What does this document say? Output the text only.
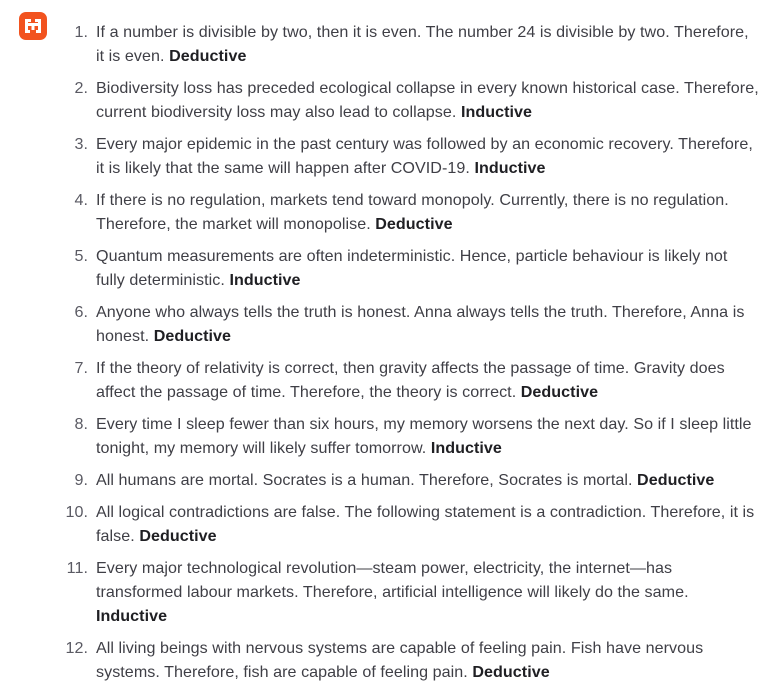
1. If a number is divisible by two, then it is even. The number 24 is divisible by two. Therefore, it is even. Deductive
2. Biodiversity loss has preceded ecological collapse in every known historical case. Therefore, current biodiversity loss may also lead to collapse. Inductive
3. Every major epidemic in the past century was followed by an economic recovery. Therefore, it is likely that the same will happen after COVID-19. Inductive
4. If there is no regulation, markets tend toward monopoly. Currently, there is no regulation. Therefore, the market will monopolise. Deductive
5. Quantum measurements are often indeterministic. Hence, particle behaviour is likely not fully deterministic. Inductive
6. Anyone who always tells the truth is honest. Anna always tells the truth. Therefore, Anna is honest. Deductive
7. If the theory of relativity is correct, then gravity affects the passage of time. Gravity does affect the passage of time. Therefore, the theory is correct. Deductive
8. Every time I sleep fewer than six hours, my memory worsens the next day. So if I sleep little tonight, my memory will likely suffer tomorrow. Inductive
9. All humans are mortal. Socrates is a human. Therefore, Socrates is mortal. Deductive
10. All logical contradictions are false. The following statement is a contradiction. Therefore, it is false. Deductive
11. Every major technological revolution—steam power, electricity, the internet—has transformed labour markets. Therefore, artificial intelligence will likely do the same. Inductive
12. All living beings with nervous systems are capable of feeling pain. Fish have nervous systems. Therefore, fish are capable of feeling pain. Deductive
